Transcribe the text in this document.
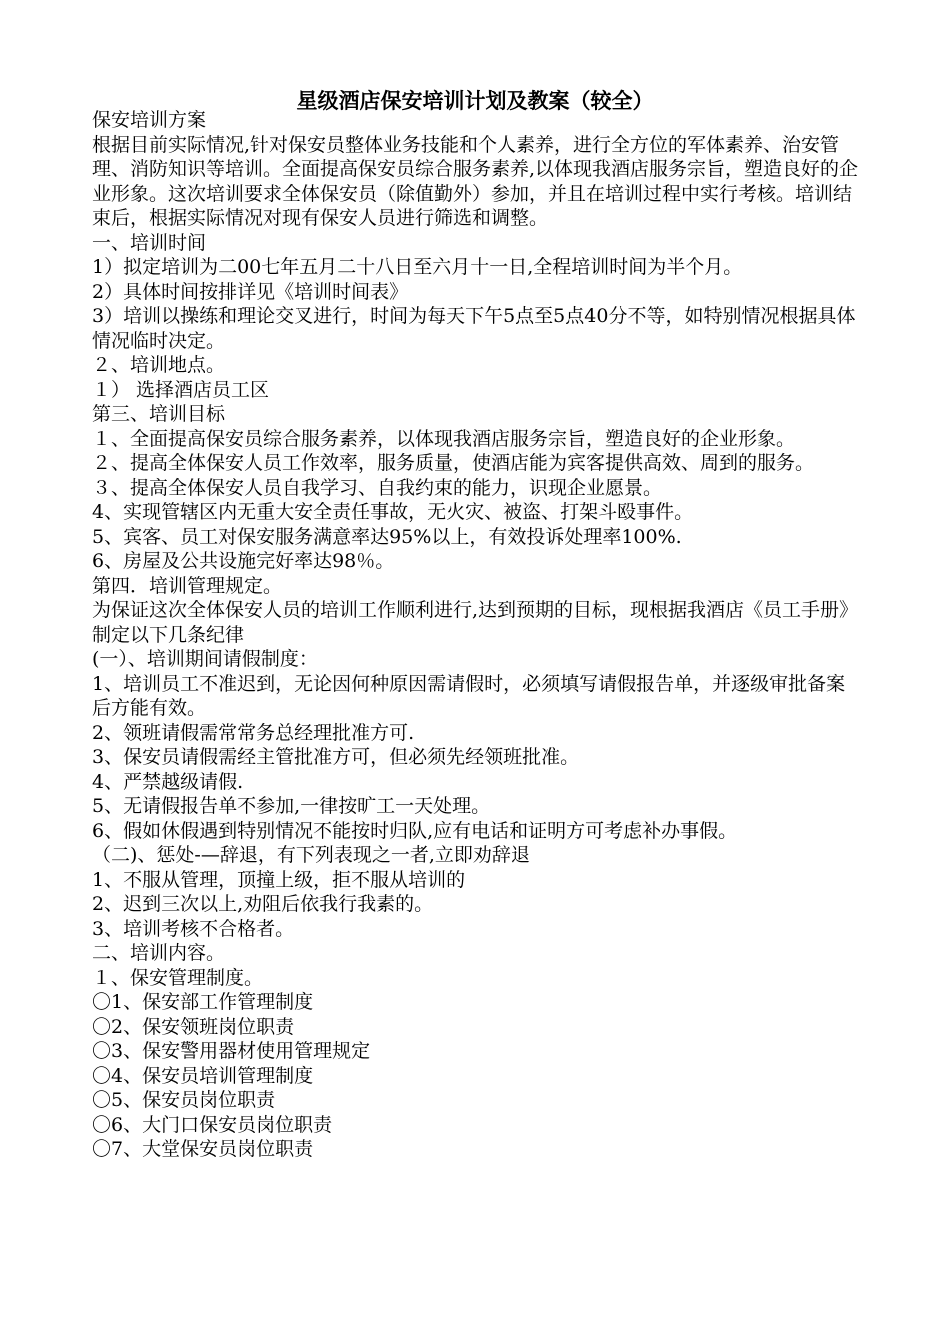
星级酒店保安培训计划及教案（较全）

保安培训方案

根据目前实际情况,针对保安员整体业务技能和个人素养，进行全方位的军体素养、治安管理、消防知识等培训。全面提高保安员综合服务素养,以体现我酒店服务宗旨，塑造良好的企业形象。这次培训要求全体保安员（除值勤外）参加，并且在培训过程中实行考核。培训结束后，根据实际情况对现有保安人员进行筛选和调整。

一、培训时间

1）拟定培训为二00七年五月二十八日至六月十一日,全程培训时间为半个月。

2）具体时间按排详见《培训时间表》

3）培训以操练和理论交叉进行，时间为每天下午5点至5点40分不等，如特别情况根据具体情况临时决定。

２、培训地点。

１） 选择酒店员工区

第三、培训目标

１、全面提高保安员综合服务素养，以体现我酒店服务宗旨，塑造良好的企业形象。

２、提高全体保安人员工作效率，服务质量，使酒店能为宾客提供高效、周到的服务。

３、提高全体保安人员自我学习、自我约束的能力，识现企业愿景。

4、实现管辖区内无重大安全责任事故，无火灾、被盗、打架斗殴事件。

5、宾客、员工对保安服务满意率达95%以上，有效投诉处理率100%.

6、房屋及公共设施完好率达98％。

第四．培训管理规定。

为保证这次全体保安人员的培训工作顺利进行,达到预期的目标，现根据我酒店《员工手册》制定以下几条纪律

(一）、培训期间请假制度：

1、培训员工不准迟到，无论因何种原因需请假时，必须填写请假报告单，并逐级审批备案后方能有效。

2、领班请假需常常务总经理批准方可.

3、保安员请假需经主管批准方可，但必须先经领班批准。

4、严禁越级请假.

5、无请假报告单不参加,一律按旷工一天处理。

6、假如休假遇到特别情况不能按时归队,应有电话和证明方可考虑补办事假。

（二)、惩处-—辞退，有下列表现之一者,立即劝辞退

1、不服从管理，顶撞上级，拒不服从培训的

2、迟到三次以上,劝阻后依我行我素的。

3、培训考核不合格者。

二、培训内容。

１、保安管理制度。

〇1、保安部工作管理制度

〇2、保安领班岗位职责

〇3、保安警用器材使用管理规定

〇4、保安员培训管理制度

〇5、保安员岗位职责

〇6、大门口保安员岗位职责

〇7、大堂保安员岗位职责
